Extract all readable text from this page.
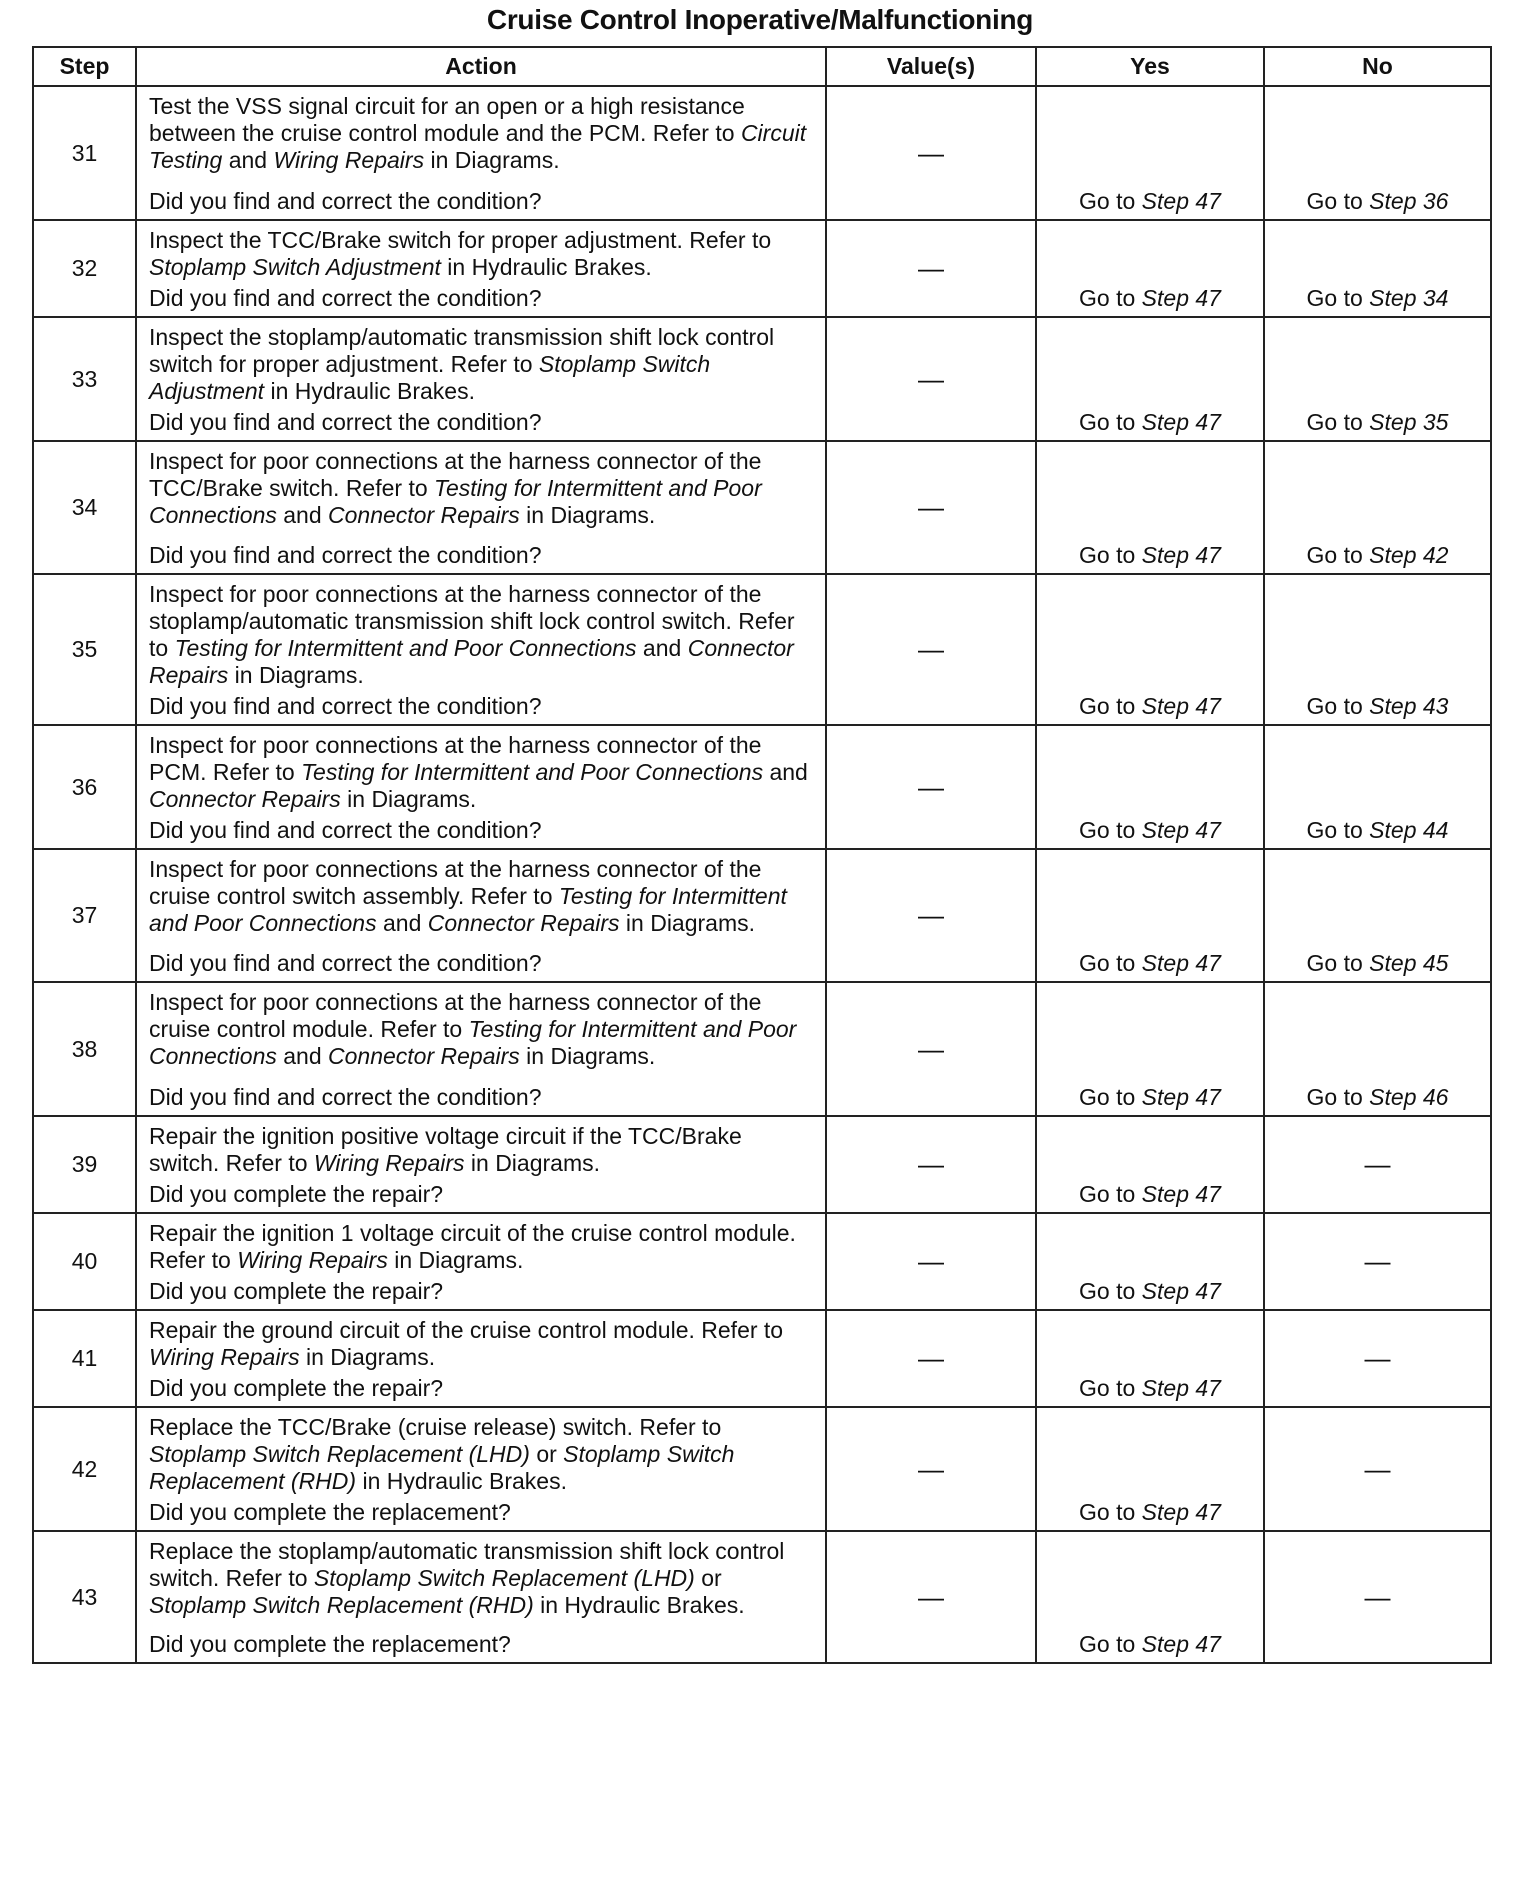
Cruise Control Inoperative/Malfunctioning
Step	Action	Value(s)	Yes	No
31	Test the VSS signal circuit for an open or a high resistance between the cruise control module and the PCM. Refer to Circuit Testing and Wiring Repairs in Diagrams.
Did you find and correct the condition?	—	Go to Step 47	Go to Step 36
32	Inspect the TCC/Brake switch for proper adjustment. Refer to Stoplamp Switch Adjustment in Hydraulic Brakes.
Did you find and correct the condition?	—	Go to Step 47	Go to Step 34
33	Inspect the stoplamp/automatic transmission shift lock control switch for proper adjustment. Refer to Stoplamp Switch Adjustment in Hydraulic Brakes.
Did you find and correct the condition?	—	Go to Step 47	Go to Step 35
34	Inspect for poor connections at the harness connector of the TCC/Brake switch. Refer to Testing for Intermittent and Poor Connections and Connector Repairs in Diagrams.
Did you find and correct the condition?	—	Go to Step 47	Go to Step 42
35	Inspect for poor connections at the harness connector of the stoplamp/automatic transmission shift lock control switch. Refer to Testing for Intermittent and Poor Connections and Connector Repairs in Diagrams.
Did you find and correct the condition?	—	Go to Step 47	Go to Step 43
36	Inspect for poor connections at the harness connector of the PCM. Refer to Testing for Intermittent and Poor Connections and Connector Repairs in Diagrams.
Did you find and correct the condition?	—	Go to Step 47	Go to Step 44
37	Inspect for poor connections at the harness connector of the cruise control switch assembly. Refer to Testing for Intermittent and Poor Connections and Connector Repairs in Diagrams.
Did you find and correct the condition?	—	Go to Step 47	Go to Step 45
38	Inspect for poor connections at the harness connector of the cruise control module. Refer to Testing for Intermittent and Poor Connections and Connector Repairs in Diagrams.
Did you find and correct the condition?	—	Go to Step 47	Go to Step 46
39	Repair the ignition positive voltage circuit if the TCC/Brake switch. Refer to Wiring Repairs in Diagrams.
Did you complete the repair?	—	Go to Step 47	—
40	Repair the ignition 1 voltage circuit of the cruise control module. Refer to Wiring Repairs in Diagrams.
Did you complete the repair?	—	Go to Step 47	—
41	Repair the ground circuit of the cruise control module. Refer to Wiring Repairs in Diagrams.
Did you complete the repair?	—	Go to Step 47	—
42	Replace the TCC/Brake (cruise release) switch. Refer to Stoplamp Switch Replacement (LHD) or Stoplamp Switch Replacement (RHD) in Hydraulic Brakes.
Did you complete the replacement?	—	Go to Step 47	—
43	Replace the stoplamp/automatic transmission shift lock control switch. Refer to Stoplamp Switch Replacement (LHD) or Stoplamp Switch Replacement (RHD) in Hydraulic Brakes.
Did you complete the replacement?	—	Go to Step 47	—
